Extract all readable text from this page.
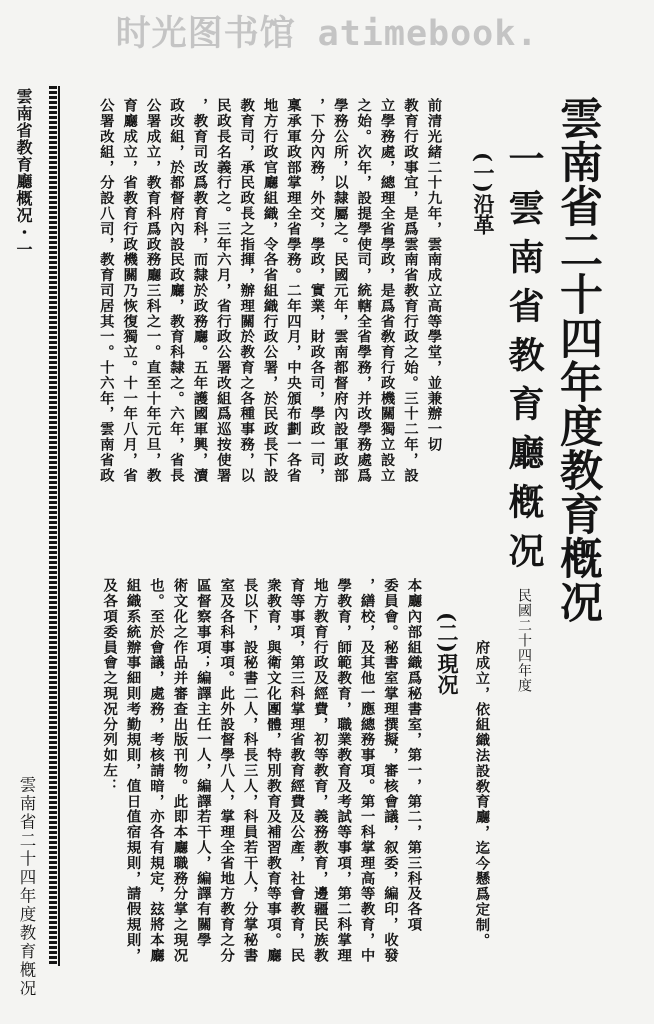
时光图书馆 atimebook.
雲南省二十四年度教育槪况
一雲南省教育廳槪况
民國二十四年度
(一)沿革
(二)現况
前清光緒二十九年，雲南成立高等學堂，並兼辦一切
教育行政事宜，是爲雲南省教育行政之始。三十二年，設
立學務處，總理全省學政，是爲省敎育行政機關獨立設立
之始。次年，設提學使司，統轄全省學務，并改學務處爲
學務公所，以隸屬之。民國元年，雲南都督府內設軍政部
，下分內務，外交，學政，實業，財政各司，學政一司，
稟承軍政部掌理全省學務。二年四月，中央頒布劃一各省
地方行政官廳組織，令各省組織行政公署，於民政長下設
教育司，承民政長之指揮，辦理關於教育之各種事務，以
民政長名義行之。三年六月，省行政公署改組爲巡按使署
，教育司改爲教育科，而隸於政務廳。五年護國軍興，瀆
政改組，於都督府內設民政廳，教育科隸之。六年，省長
公署成立，教育科爲政務廳三科之一。直至十年元旦，教
育廳成立，省教育行政機關乃恢復獨立。十一年八月，省
公署改組，分設八司，教育司居其一。十六年，雲南省政
府成立，依組織法設敎育廳，迄今懸爲定制。
本廳內部組織爲秘書室，第一，第二，第三科及各項
委員會。秘書室掌理撰擬，審核會議，叙委，編印，收發
，繕校，及其他一應總務事項。第一科掌理高等教育，中
學教育，師範教育，職業教育及考試等事項，第二科掌理
地方教育行政及經費，初等教育，義務教育，邊疆民族教
育等事項，第三科掌理省教育經費及公產，社會教育，民
衆教育，與衛文化團體，特別教育及補習教育等事項。廳
長以下，設秘書二人，科長三人，科員若干人，分掌秘書
室及各科事項。此外設督學八人，掌理全省地方教育之分
區督察事項；編譯主任一人，編譯若干人，編譯有關學
術文化之作品并審查出版刊物。此即本廳職務分掌之現况
也。至於會議，處務，考核請暗，亦各有規定，玆將本廳
組織系統辦事細則考勤規則，值日值宿規則，請假規則，
及各項委員會之現况分列如左：
雲南省教育廳概况・一
雲南省二十四年度教育槪况
